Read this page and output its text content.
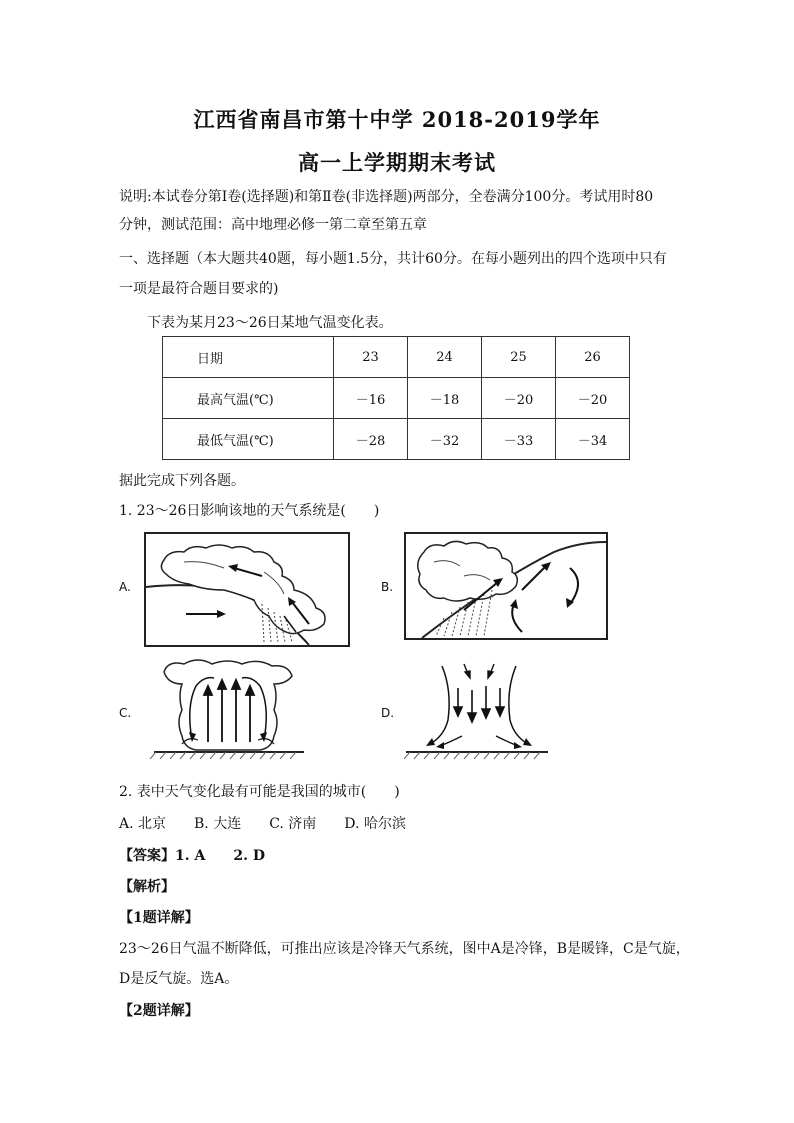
江西省南昌市第十中学 2018-2019学年
高一上学期期末考试
说明:本试卷分第Ⅰ卷(选择题)和第Ⅱ卷(非选择题)两部分，全卷满分100分。考试用时80
分钟，测试范围：高中地理必修一第二章至第五章
一、选择题（本大题共40题，每小题1.5分，共计60分。在每小题列出的四个选项中只有
一项是最符合题目要求的)
下表为某月23～26日某地气温变化表。
日期	23	24	25	26
最高气温(℃)	－16	－18	－20	－20
最低气温(℃)	－28	－32	－33	－34
据此完成下列各题。
1. 23～26日影响该地的天气系统是(　　)
A.	B.
C.	D.
2. 表中天气变化最有可能是我国的城市(　　)
A. 北京　　B. 大连　　C. 济南　　D. 哈尔滨
【答案】1. A　　2. D
【解析】
【1题详解】
23～26日气温不断降低，可推出应该是冷锋天气系统，图中A是冷锋，B是暖锋，C是气旋，
D是反气旋。选A。
【2题详解】
